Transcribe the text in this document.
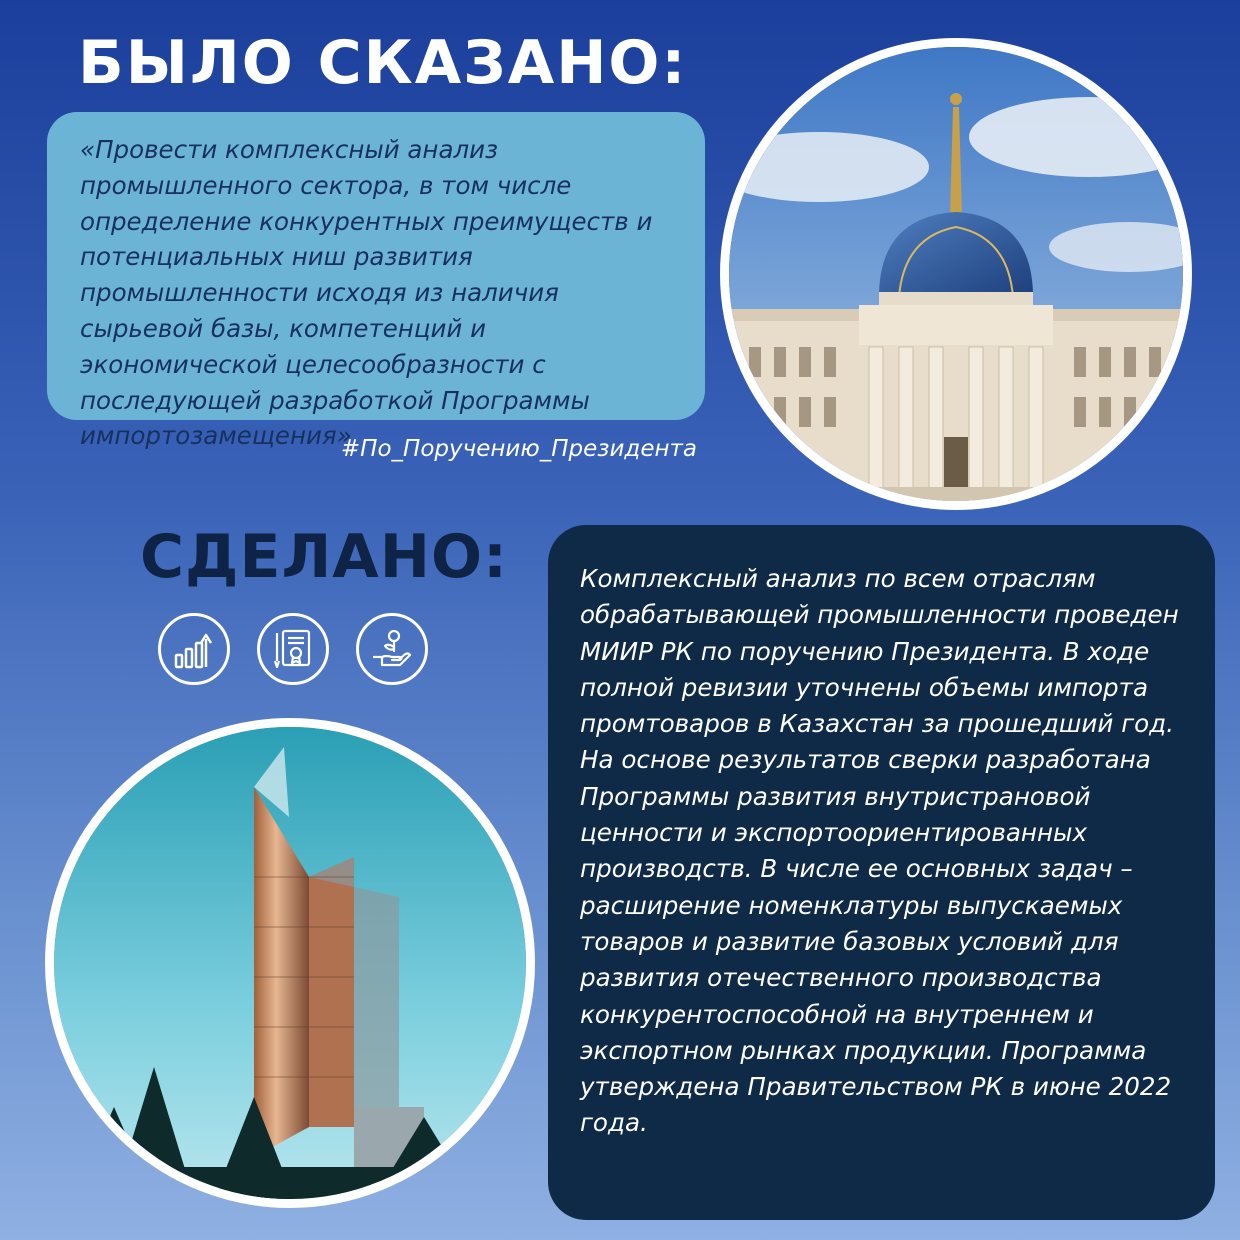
БЫЛО СКАЗАНО:

«Провести комплексный анализ промышленного сектора, в том числе определение конкурентных преимуществ и потенциальных ниш развития промышленности исходя из наличия сырьевой базы, компетенций и экономической целесообразности с последующей разработкой Программы импортозамещения»

#По_Поручению_Президента
СДЕЛАНО:	Комплексный анализ по всем отраслям обрабатывающей промышленности проведен МИИР РК по поручению Президента. В ходе полной ревизии уточнены объемы импорта промтоваров в Казахстан за прошедший год. На основе результатов сверки разработана Программы развития внутристрановой ценности и экспортоориентированных производств. В числе ее основных задач – расширение номенклатуры выпускаемых товаров и развитие базовых условий для развития отечественного производства конкурентоспособной на внутреннем и экспортном рынках продукции. Программа утверждена Правительством РК в июне 2022 года.
